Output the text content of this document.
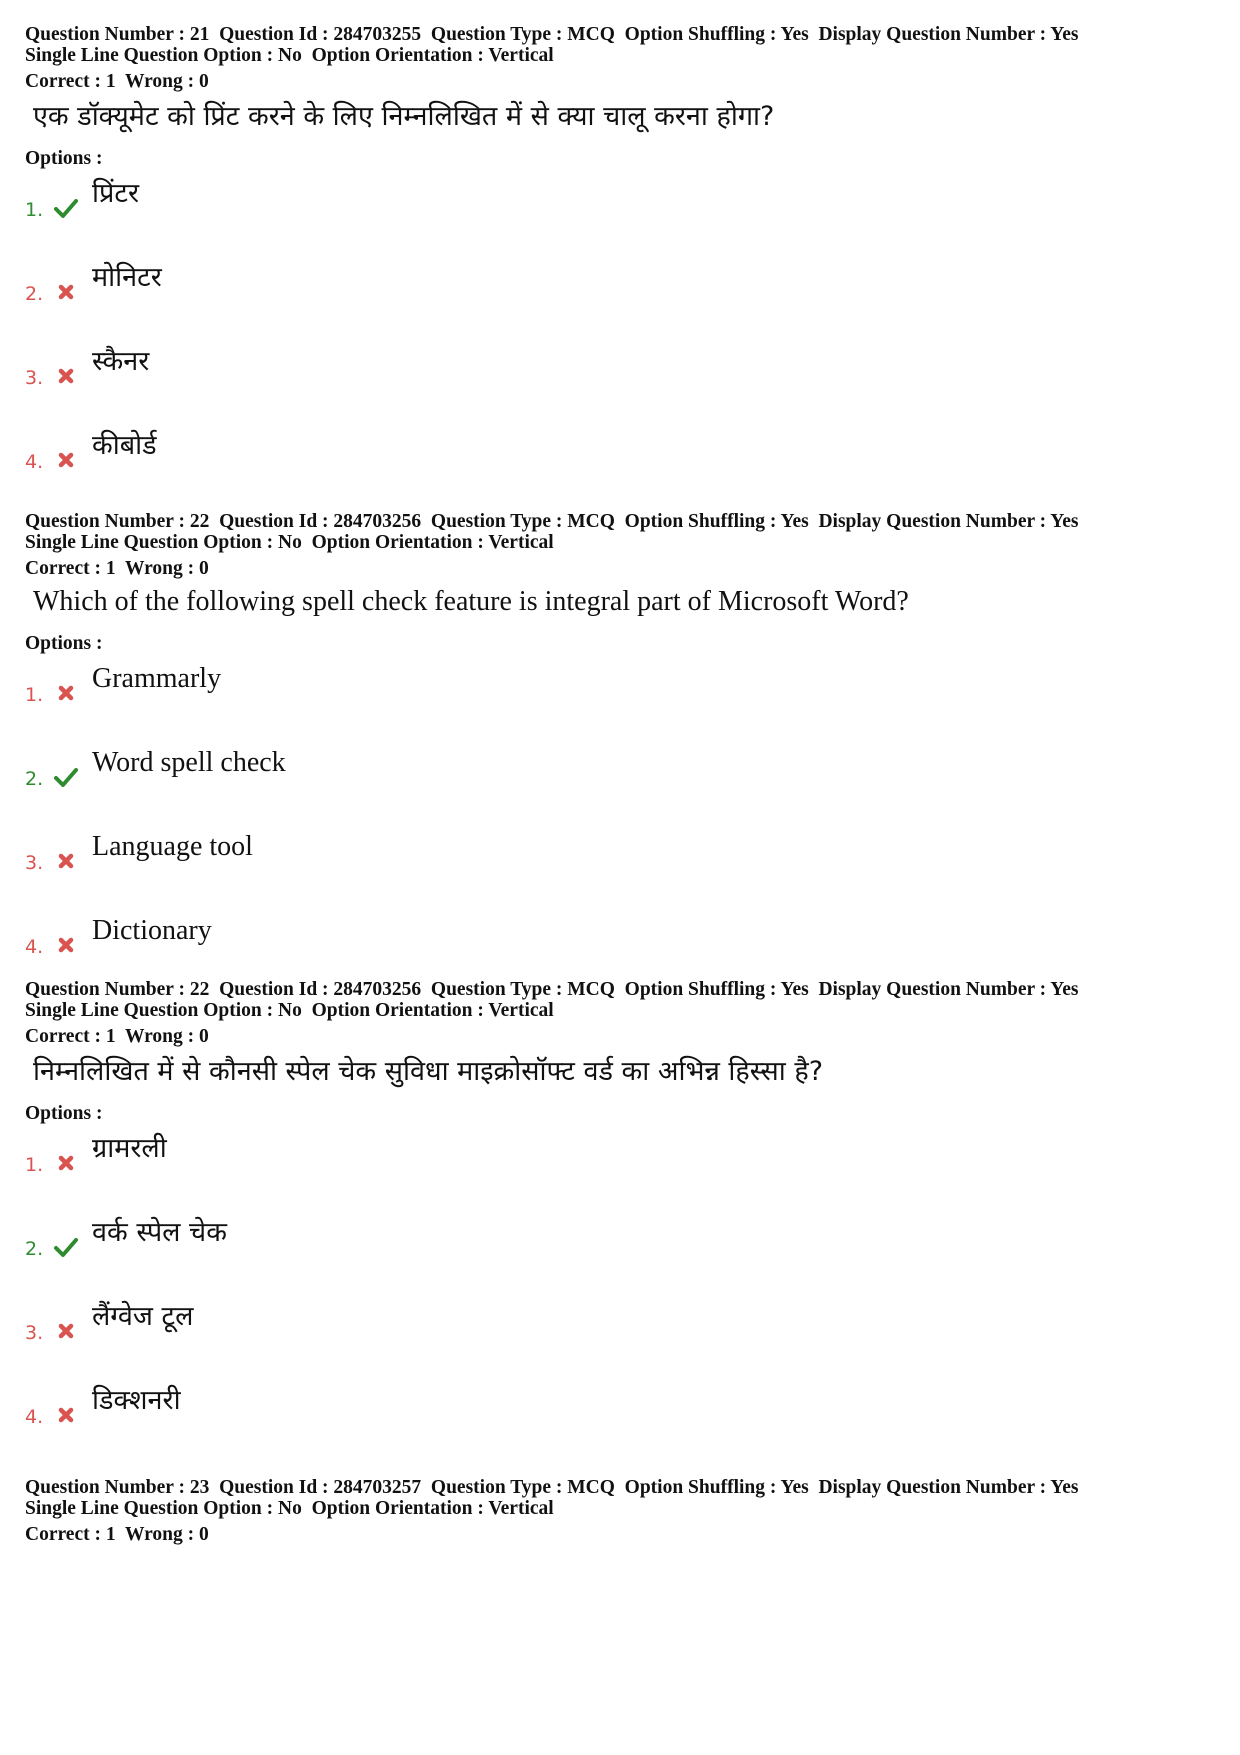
Question Number : 21  Question Id : 284703255  Question Type : MCQ  Option Shuffling : Yes  Display Question Number : Yes
Single Line Question Option : No  Option Orientation : Vertical
Correct : 1  Wrong : 0
एक डॉक्यूमेट को प्रिंट करने के लिए निम्नलिखित में से क्या चालू करना होगा?
Options :
1.
प्रिंटर
2.
मोनिटर
3.
स्कैनर
4.
कीबोर्ड
Question Number : 22  Question Id : 284703256  Question Type : MCQ  Option Shuffling : Yes  Display Question Number : Yes
Single Line Question Option : No  Option Orientation : Vertical
Correct : 1  Wrong : 0
Which of the following spell check feature is integral part of Microsoft Word?
Options :
1.
Grammarly
2.
Word spell check
3.
Language tool
4.
Dictionary
Question Number : 22  Question Id : 284703256  Question Type : MCQ  Option Shuffling : Yes  Display Question Number : Yes
Single Line Question Option : No  Option Orientation : Vertical
Correct : 1  Wrong : 0
निम्नलिखित में से कौनसी स्पेल चेक सुविधा माइक्रोसॉफ्ट वर्ड का अभिन्न हिस्सा है?
Options :
1.
ग्रामरली
2.
वर्क स्पेल चेक
3.
लैंग्वेज टूल
4.
डिक्शनरी
Question Number : 23  Question Id : 284703257  Question Type : MCQ  Option Shuffling : Yes  Display Question Number : Yes
Single Line Question Option : No  Option Orientation : Vertical
Correct : 1  Wrong : 0
